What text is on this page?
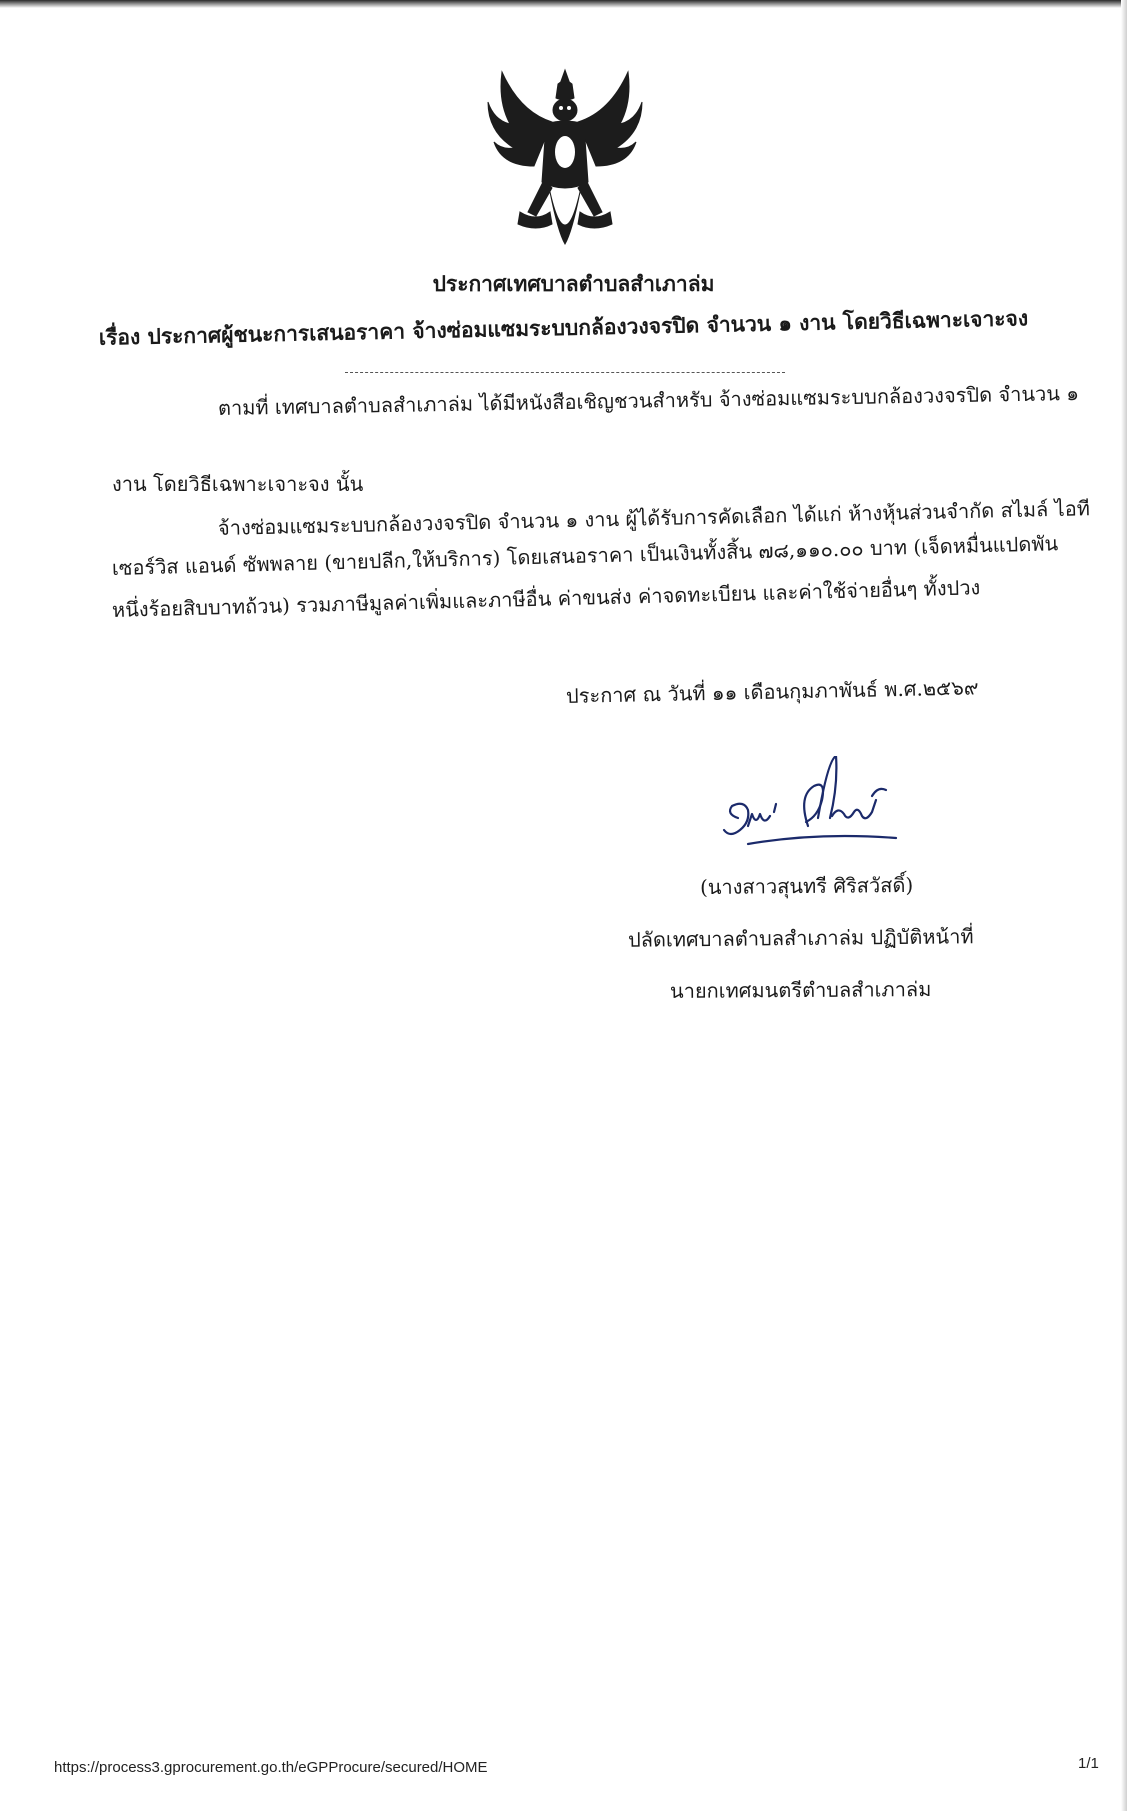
ประกาศเทศบาลตำบลสำเภาล่ม
เรื่อง ประกาศผู้ชนะการเสนอราคา จ้างซ่อมแซมระบบกล้องวงจรปิด จำนวน ๑ งาน โดยวิธีเฉพาะเจาะจง
ตามที่ เทศบาลตำบลสำเภาล่ม ได้มีหนังสือเชิญชวนสำหรับ จ้างซ่อมแซมระบบกล้องวงจรปิด จำนวน ๑
งาน โดยวิธีเฉพาะเจาะจง นั้น
จ้างซ่อมแซมระบบกล้องวงจรปิด จำนวน ๑ งาน ผู้ได้รับการคัดเลือก ได้แก่ ห้างหุ้นส่วนจำกัด สไมล์ ไอที
เซอร์วิส แอนด์ ซัพพลาย (ขายปลีก,ให้บริการ) โดยเสนอราคา เป็นเงินทั้งสิ้น ๗๘,๑๑๐.๐๐ บาท (เจ็ดหมื่นแปดพัน
หนึ่งร้อยสิบบาทถ้วน) รวมภาษีมูลค่าเพิ่มและภาษีอื่น ค่าขนส่ง ค่าจดทะเบียน และค่าใช้จ่ายอื่นๆ ทั้งปวง
ประกาศ ณ วันที่ ๑๑ เดือนกุมภาพันธ์ พ.ศ.๒๕๖๙
(นางสาวสุนทรี ศิริสวัสดิ์)
ปลัดเทศบาลตำบลสำเภาล่ม ปฏิบัติหน้าที่
นายกเทศมนตรีตำบลสำเภาล่ม
https://process3.gprocurement.go.th/eGPProcure/secured/HOME	1/1
